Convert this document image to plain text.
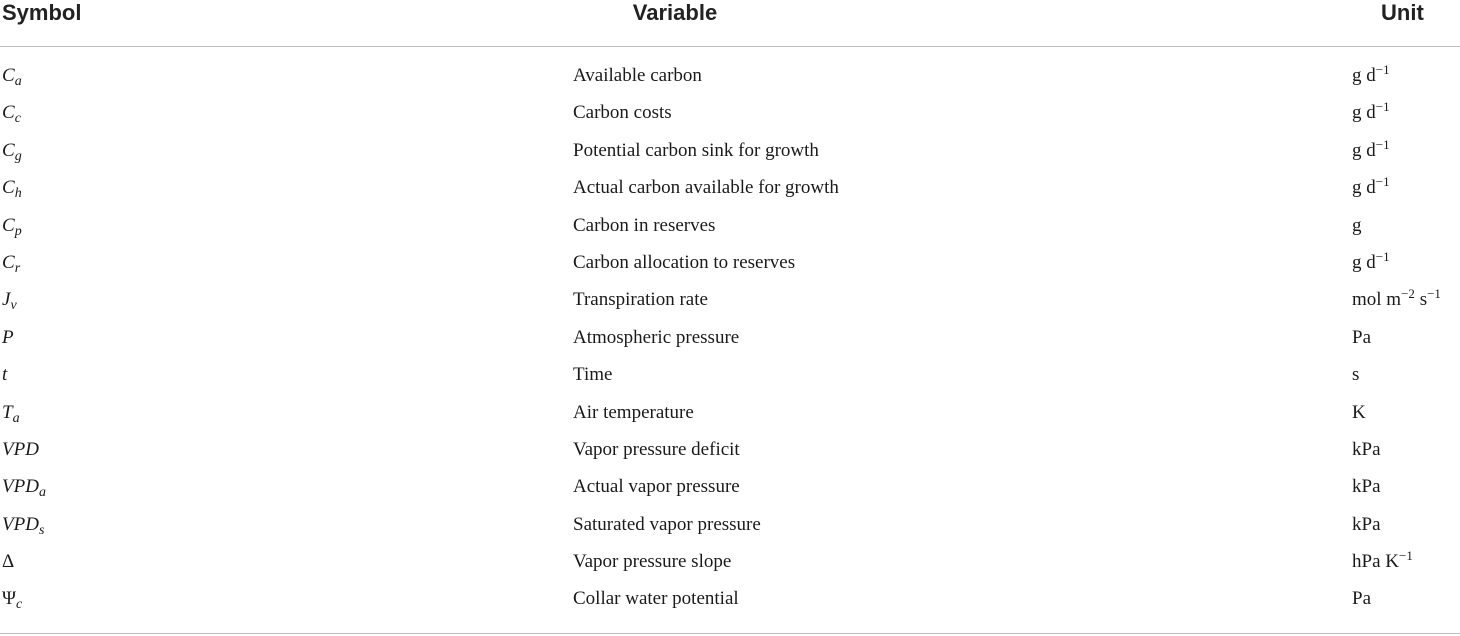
Symbol	Variable	Unit
$C_a$	Available carbon	g $d^{-1}$
$C_c$	Carbon costs	g $d^{-1}$
$C_g$	Potential carbon sink for growth	g $d^{-1}$
$C_h$	Actual carbon available for growth	g $d^{-1}$
$C_p$	Carbon in reserves	g
$C_r$	Carbon allocation to reserves	g $d^{-1}$
$J_v$	Transpiration rate	mol $m^{-2}$ $s^{-1}$
P	Atmospheric pressure	Pa
t	Time	s
$T_a$	Air temperature	K
VPD	Vapor pressure deficit	kPa
$VPD_a$	Actual vapor pressure	kPa
$VPD_s$	Saturated vapor pressure	kPa
Δ	Vapor pressure slope	hPa $K^{-1}$
$\Psi_c$	Collar water potential	Pa
